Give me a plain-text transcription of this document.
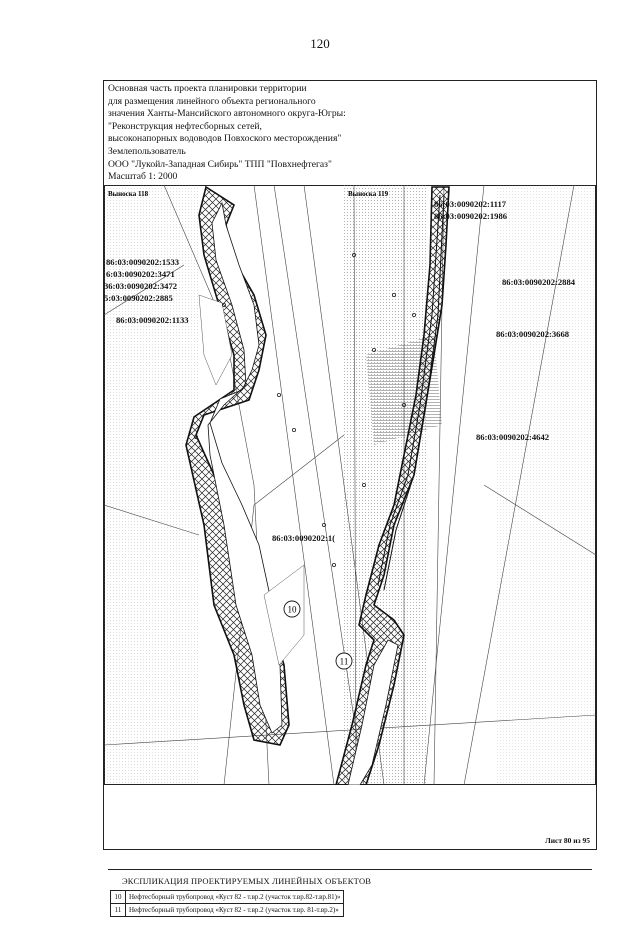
120
Основная часть проекта планировки территории
для размещения линейного объекта регионального
значения Ханты-Мансийского автономного округа-Югры:
"Реконструкция нефтесборных сетей,
высоконапорных водоводов Повхоского месторождения"
Землепользователь
ООО "Лукойл-Западная Сибирь" ТПП "Повхнефтегаз"
Масштаб 1: 2000
Выноска 118	Выноска 119
86:03:0090202:1117
86:03:0090202:1986
86:03:0090202:1533
6:03:0090202:3471
36:03:0090202:3472
5:03:0090202:2885
86:03:0090202:1133
86:03:0090202:2884
86:03:0090202:3668
86:03:0090202:4642
86:03:0090202:1(
10
11
ЭКСПЛИКАЦИЯ ПРОЕКТИРУЕМЫХ ЛИНЕЙНЫХ ОБЪЕКТОВ
10	Нефтесборный трубопровод «Куст 82 - т.вр.2 (участок т.вр.82-т.вр.81)»
11	Нефтесборный трубопровод «Куст 82 - т.вр.2 (участок т.вр. 81-т.вр.2)»
Лист 80 из 95
